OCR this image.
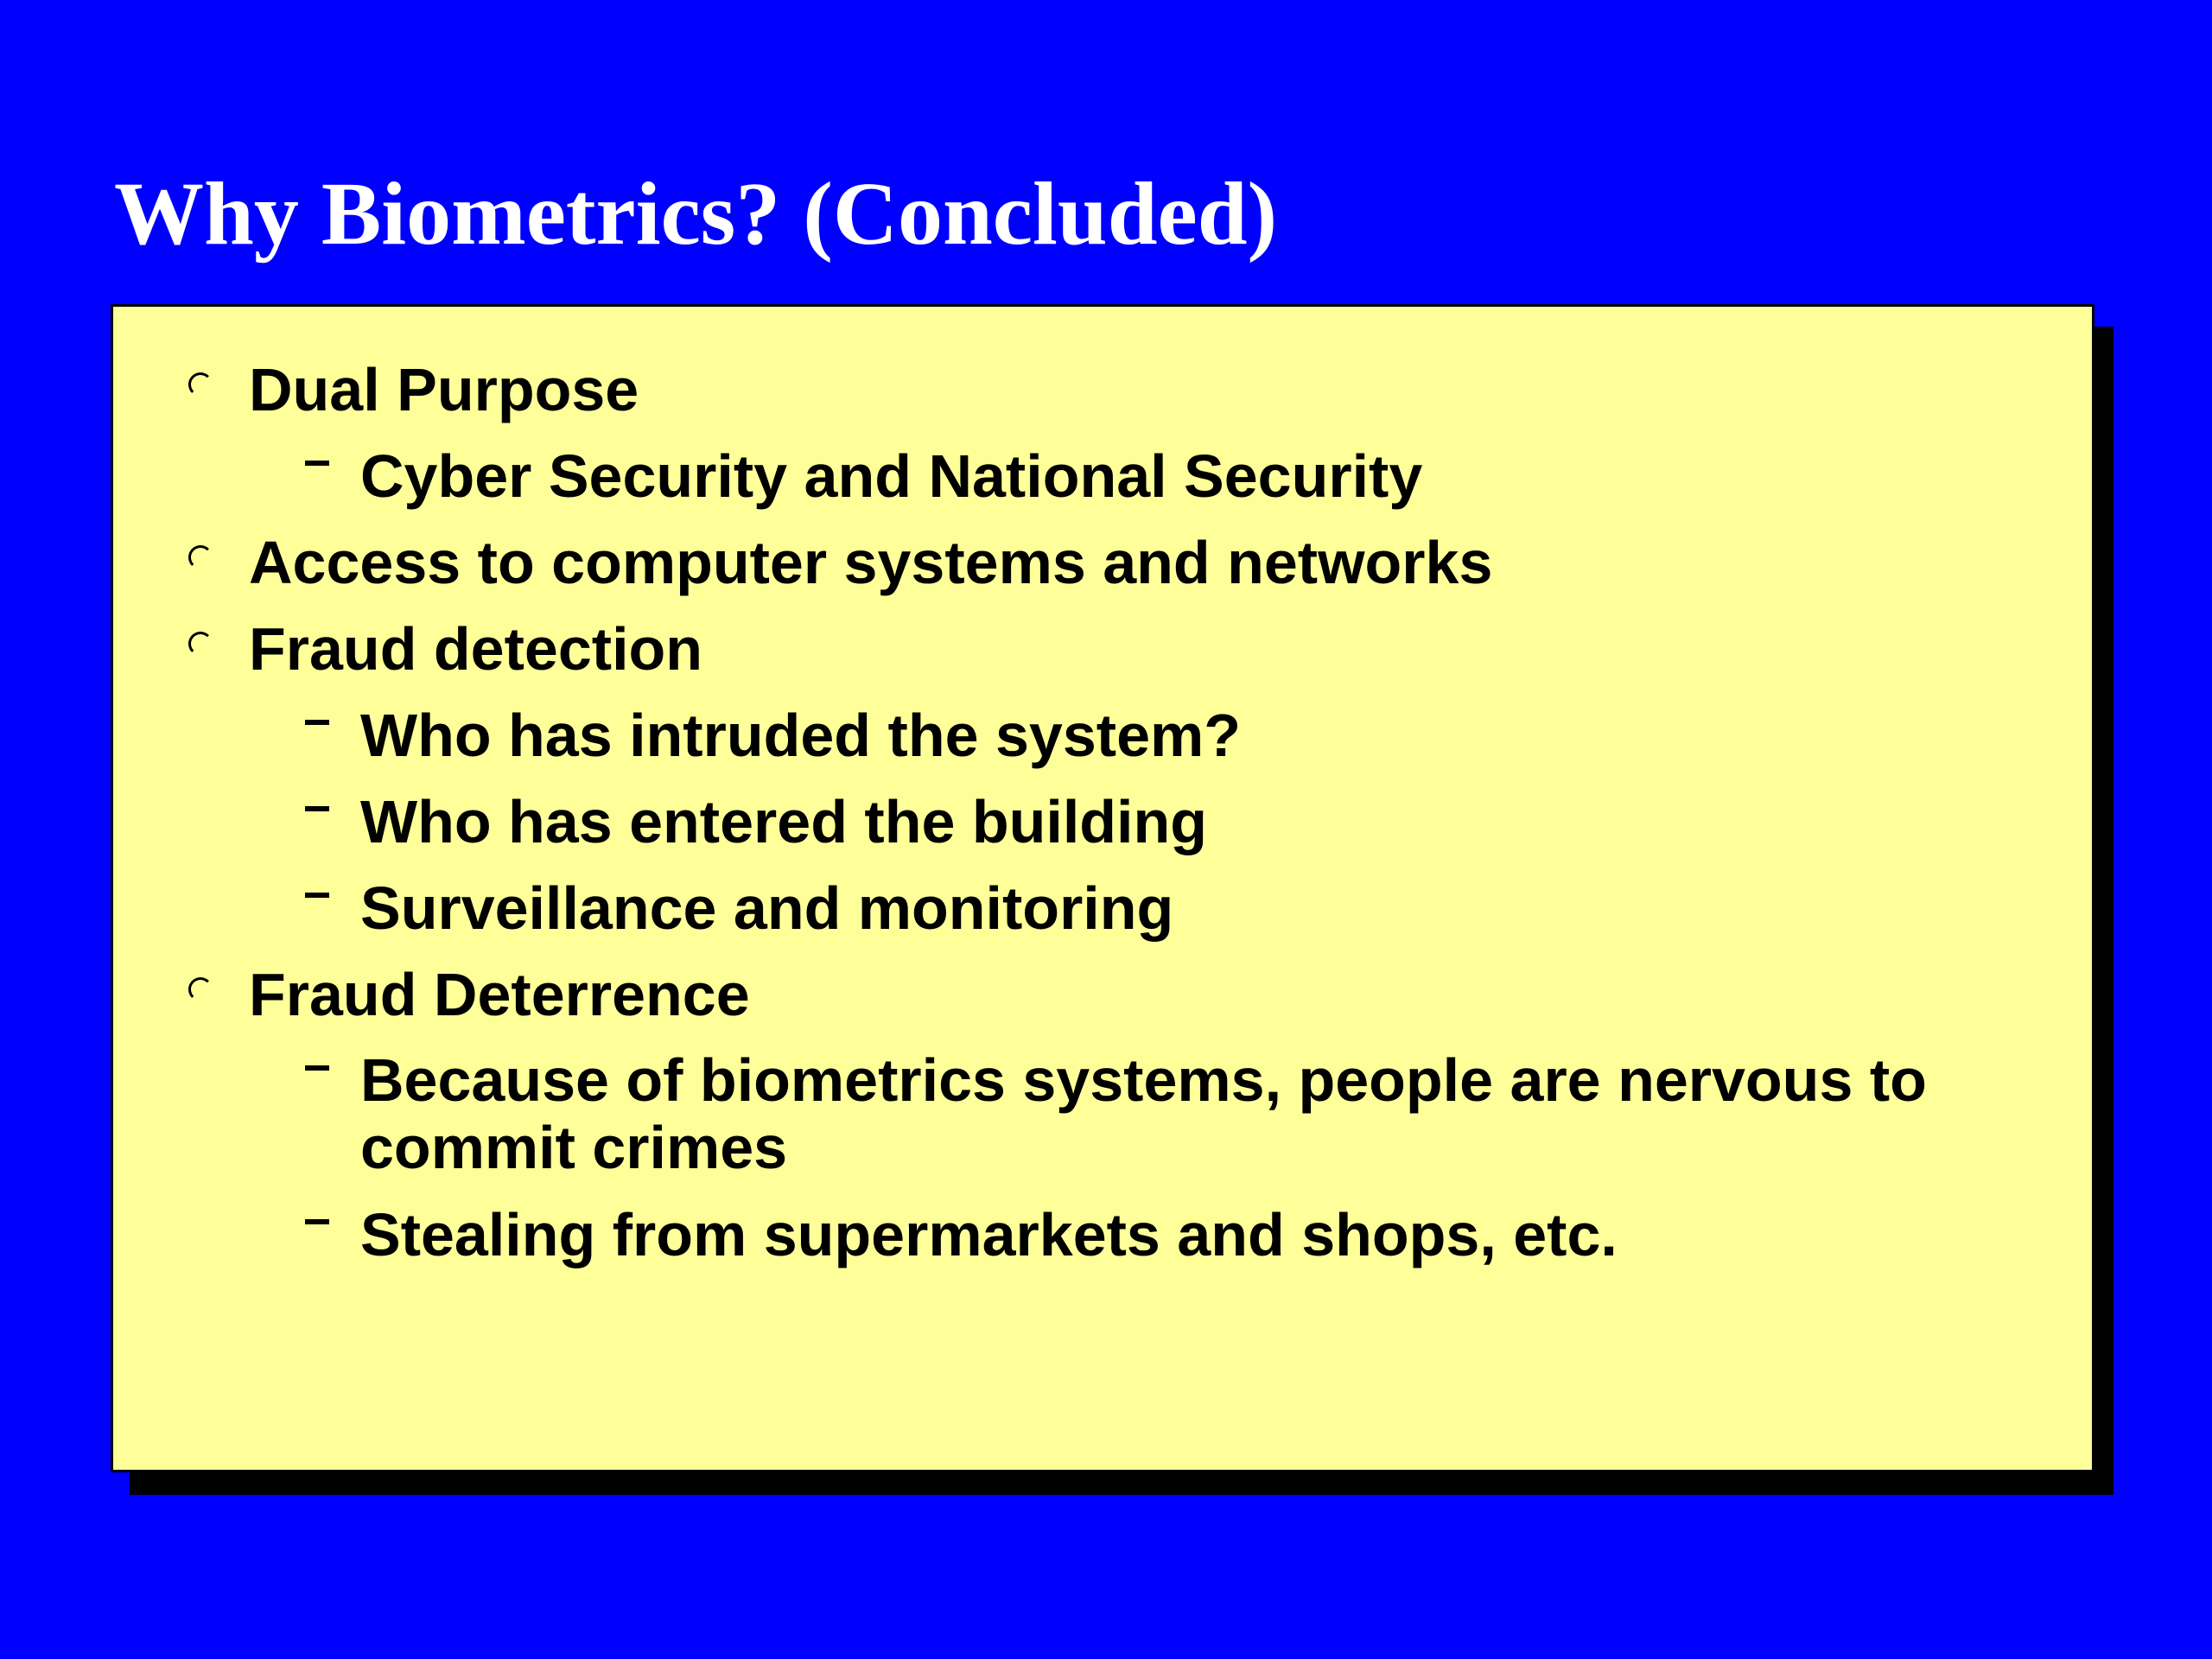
Why Biometrics? (Concluded)
Dual Purpose
Cyber Security and National Security
Access to computer systems and networks
Fraud detection
Who has intruded the system?
Who has entered the building
Surveillance and monitoring
Fraud Deterrence
Because of biometrics systems, people are nervous to commit crimes
Stealing from supermarkets and shops, etc.
